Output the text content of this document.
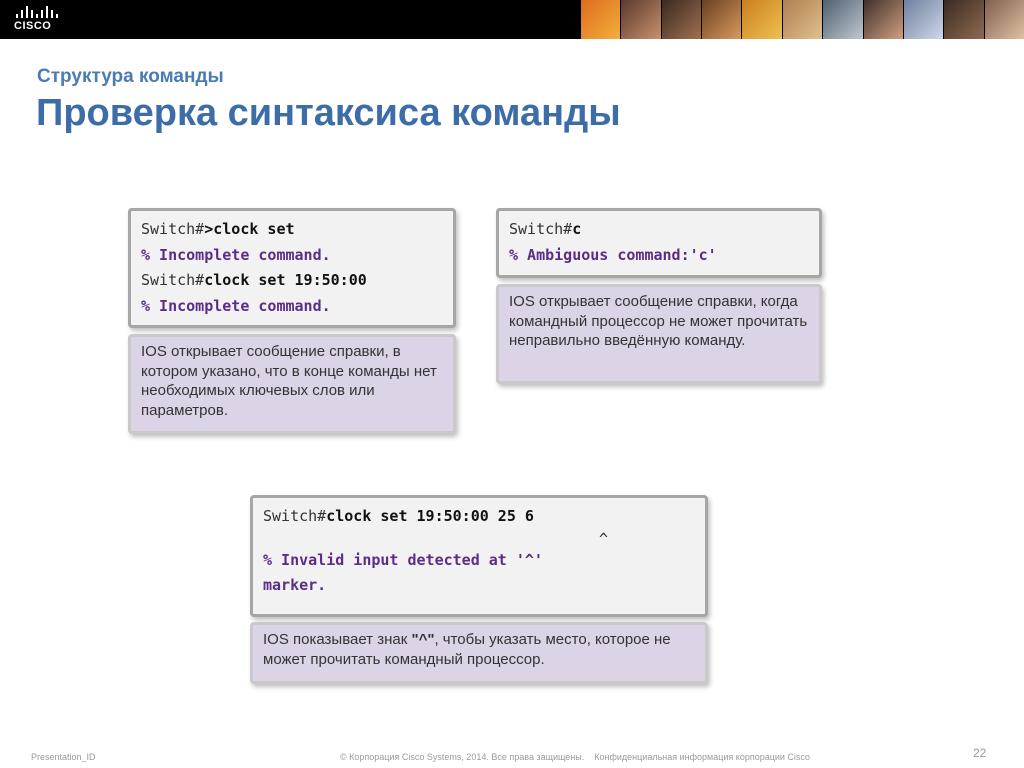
CISCO
Структура команды
Проверка синтаксиса команды
Switch#>clock set
% Incomplete command.
Switch#clock set 19:50:00
% Incomplete command.
IOS открывает сообщение справки, в котором указано, что в конце команды нет необходимых ключевых слов или параметров.
Switch#c
% Ambiguous command:'c'
IOS открывает сообщение справки, когда командный процессор не может прочитать неправильно введённую команду.
Switch#clock set 19:50:00 25 6
^
% Invalid input detected at '^'
marker.
IOS показывает знак "^", чтобы указать место, которое не может прочитать командный процессор.
Presentation_ID	© Корпорация Cisco Systems, 2014. Все права защищены.    Конфиденциальная информация корпорации Cisco	22
